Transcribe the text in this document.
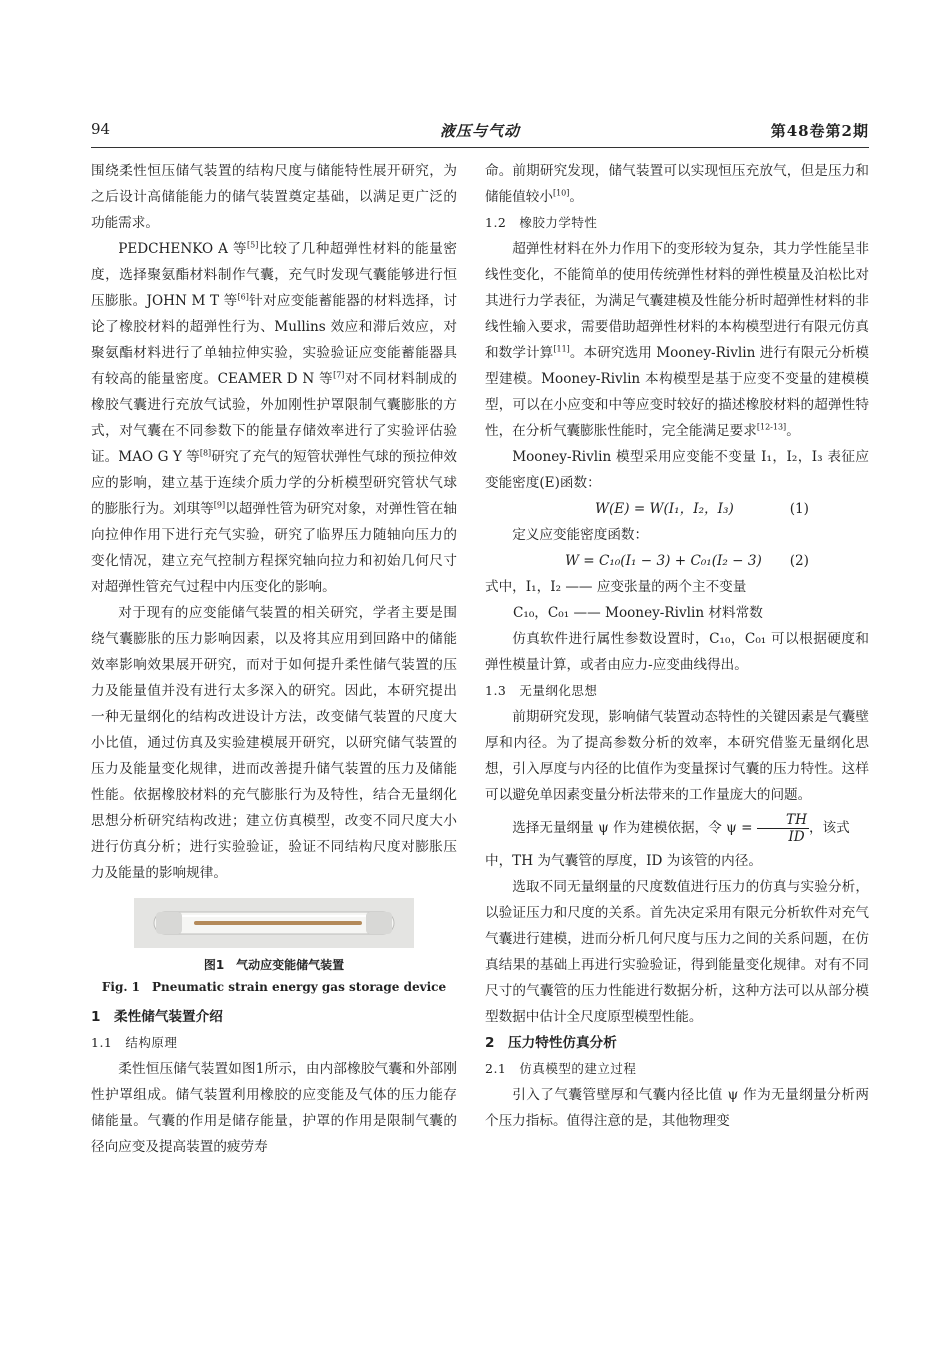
94	液压与气动	第48卷第2期

围绕柔性恒压储气装置的结构尺度与储能特性展开研究，为之后设计高储能能力的储气装置奠定基础，以满足更广泛的功能需求。

PEDCHENKO A 等[5]比较了几种超弹性材料的能量密度，选择聚氨酯材料制作气囊，充气时发现气囊能够进行恒压膨胀。JOHN M T 等[6]针对应变能蓄能器的材料选择，讨论了橡胶材料的超弹性行为、Mullins 效应和滞后效应，对聚氨酯材料进行了单轴拉伸实验，实验验证应变能蓄能器具有较高的能量密度。CEAMER D N 等[7]对不同材料制成的橡胶气囊进行充放气试验，外加刚性护罩限制气囊膨胀的方式，对气囊在不同参数下的能量存储效率进行了实验评估验证。MAO G Y 等[8]研究了充气的短管状弹性气球的预拉伸效应的影响，建立基于连续介质力学的分析模型研究管状气球的膨胀行为。刘琪等[9]以超弹性管为研究对象，对弹性管在轴向拉伸作用下进行充气实验，研究了临界压力随轴向压力的变化情况，建立充气控制方程探究轴向拉力和初始几何尺寸对超弹性管充气过程中内压变化的影响。

对于现有的应变能储气装置的相关研究，学者主要是围绕气囊膨胀的压力影响因素，以及将其应用到回路中的储能效率影响效果展开研究，而对于如何提升柔性储气装置的压力及能量值并没有进行太多深入的研究。因此，本研究提出一种无量纲化的结构改进设计方法，改变储气装置的尺度大小比值，通过仿真及实验建模展开研究，以研究储气装置的压力及能量变化规律，进而改善提升储气装置的压力及储能性能。依据橡胶材料的充气膨胀行为及特性，结合无量纲化思想分析研究结构改进；建立仿真模型，改变不同尺度大小进行仿真分析；进行实验验证，验证不同结构尺度对膨胀压力及能量的影响规律。

图1　气动应变能储气装置

Fig. 1　Pneumatic strain energy gas storage device

1　柔性储气装置介绍

1.1　结构原理

柔性恒压储气装置如图1所示，由内部橡胶气囊和外部刚性护罩组成。储气装置利用橡胶的应变能及气体的压力能存储能量。气囊的作用是储存能量，护罩的作用是限制气囊的径向应变及提高装置的疲劳寿

命。前期研究发现，储气装置可以实现恒压充放气，但是压力和储能值较小[10]。

1.2　橡胶力学特性

超弹性材料在外力作用下的变形较为复杂，其力学性能呈非线性变化，不能简单的使用传统弹性材料的弹性模量及泊松比对其进行力学表征，为满足气囊建模及性能分析时超弹性材料的非线性输入要求，需要借助超弹性材料的本构模型进行有限元仿真和数学计算[11]。本研究选用 Mooney-Rivlin 进行有限元分析模型建模。Mooney-Rivlin 本构模型是基于应变不变量的建模模型，可以在小应变和中等应变时较好的描述橡胶材料的超弹性特性，在分析气囊膨胀性能时，完全能满足要求[12-13]。

Mooney-Rivlin 模型采用应变能不变量 I₁，I₂，I₃ 表征应变能密度(E)函数：

W(E) = W(I₁，I₂，I₃)	(1)

定义应变能密度函数：

W = C₁₀(I₁ − 3) + C₀₁(I₂ − 3) (2)

式中，I₁，I₂ —— 应变张量的两个主不变量

C₁₀，C₀₁ —— Mooney-Rivlin 材料常数

仿真软件进行属性参数设置时，C₁₀，C₀₁ 可以根据硬度和弹性模量计算，或者由应力-应变曲线得出。

1.3　无量纲化思想

前期研究发现，影响储气装置动态特性的关键因素是气囊壁厚和内径。为了提高参数分析的效率，本研究借鉴无量纲化思想，引入厚度与内径的比值作为变量探讨气囊的压力特性。这样可以避免单因素变量分析法带来的工作量庞大的问题。

选择无量纲量 ψ 作为建模依据，令 $\psi = \frac{TH}{ID}$ ，该式

中，TH 为气囊管的厚度，ID 为该管的内径。

选取不同无量纲量的尺度数值进行压力的仿真与实验分析，以验证压力和尺度的关系。首先决定采用有限元分析软件对充气气囊进行建模，进而分析几何尺度与压力之间的关系问题，在仿真结果的基础上再进行实验验证，得到能量变化规律。对有不同尺寸的气囊管的压力性能进行数据分析，这种方法可以从部分模型数据中估计全尺度原型模型性能。

2　压力特性仿真分析

2.1　仿真模型的建立过程

引入了气囊管壁厚和气囊内径比值 ψ 作为无量纲量分析两个压力指标。值得注意的是，其他物理变
